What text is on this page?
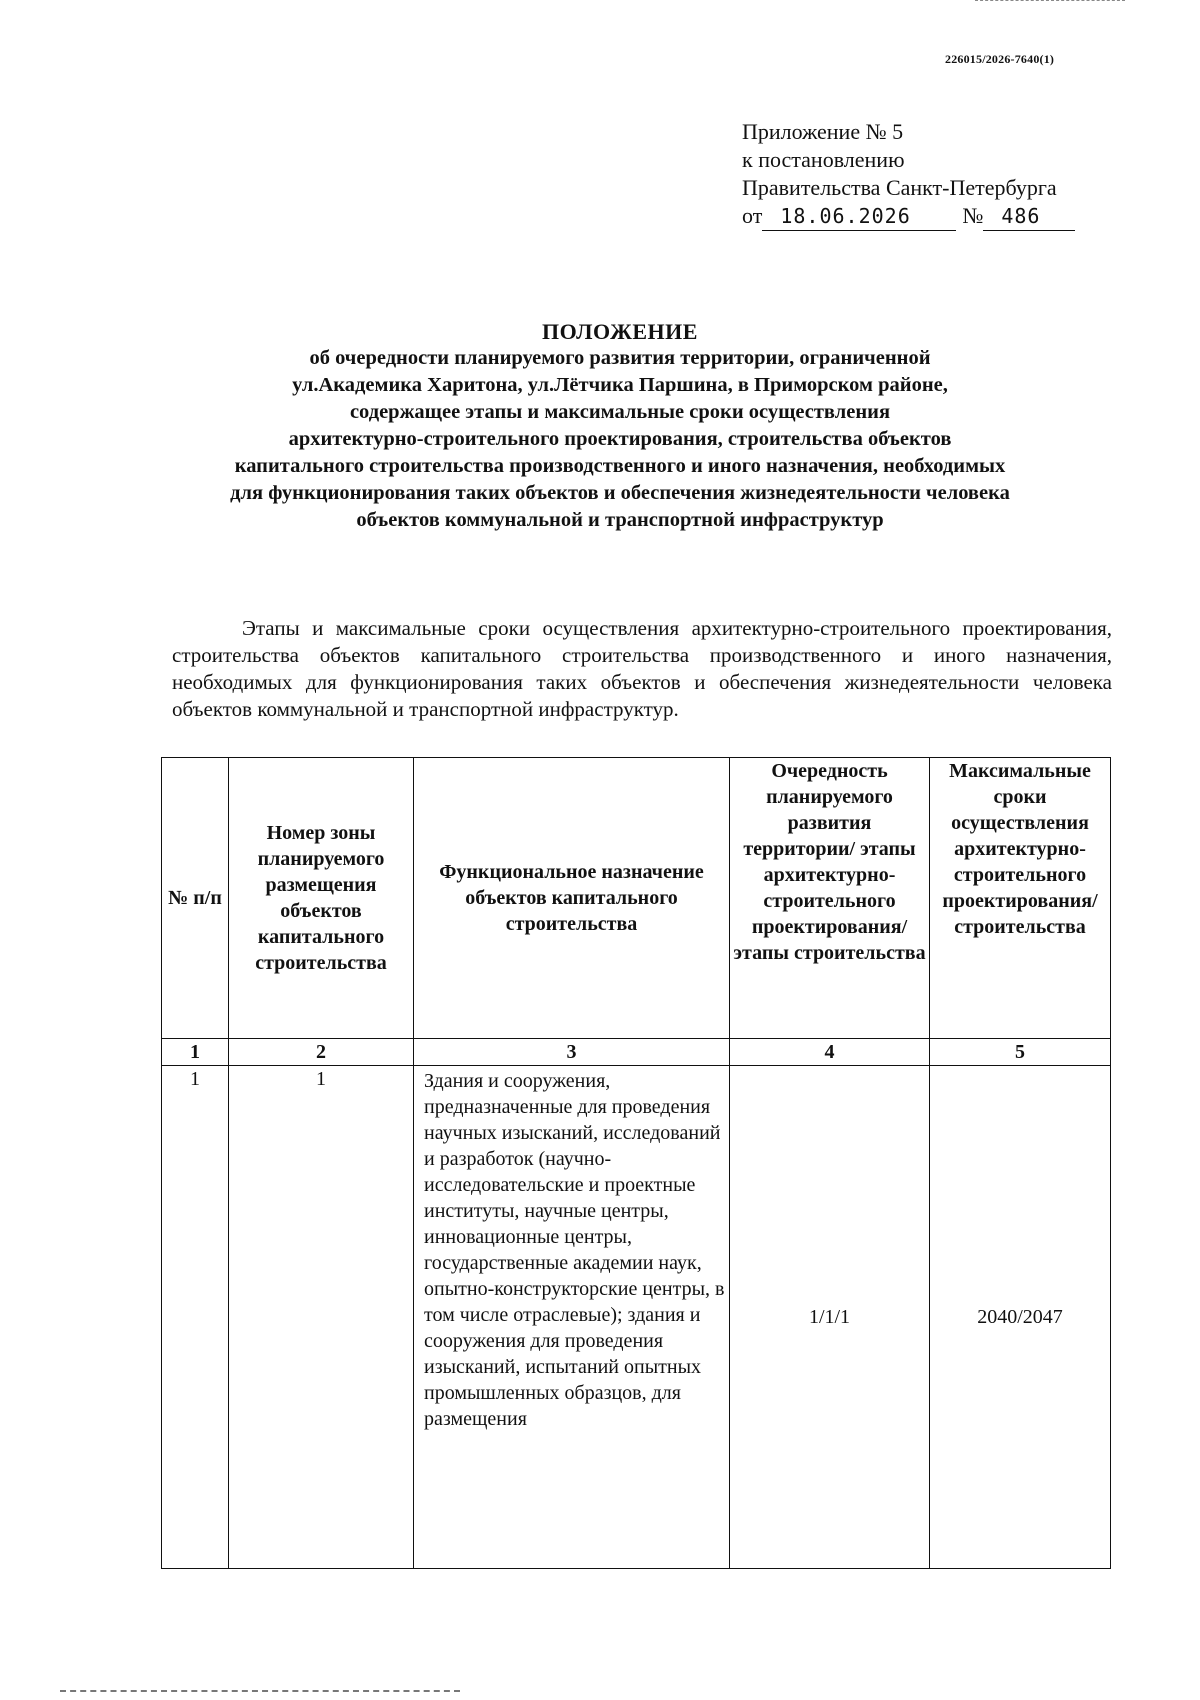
226015/2026-7640(1)
Приложение № 5
к постановлению
Правительства Санкт-Петербурга
от 18.06.2026	№ 486
ПОЛОЖЕНИЕ
об очередности планируемого развития территории, ограниченной
ул.Академика Харитона, ул.Лётчика Паршина, в Приморском районе,
содержащее этапы и максимальные сроки осуществления
архитектурно-строительного проектирования, строительства объектов
капитального строительства производственного и иного назначения, необходимых
для функционирования таких объектов и обеспечения жизнедеятельности человека
объектов коммунальной и транспортной инфраструктур
Этапы и максимальные сроки осуществления архитектурно-строительного проектирования, строительства объектов капитального строительства производственного и иного назначения, необходимых для функционирования таких объектов и обеспечения жизнедеятельности человека объектов коммунальной и транспортной инфраструктур.
№ п/п	Номер зоны планируемого размещения объектов капитального строительства	Функциональное назначение объектов капитального строительства	Очередность планируемого развития территории/ этапы архитектурно-строительного проектирования/ этапы строительства	Максимальные сроки осуществления архитектурно-строительного проектирования/ строительства
1	2	3	4	5
1	1	Здания и сооружения, предназначенные для проведения научных изысканий, исследований и разработок (научно-исследовательские и проектные институты, научные центры, инновационные центры, государственные академии наук, опытно-конструкторские центры, в том числе отраслевые); здания и сооружения для проведения изысканий, испытаний опытных промышленных образцов, для размещения	1/1/1	2040/2047
